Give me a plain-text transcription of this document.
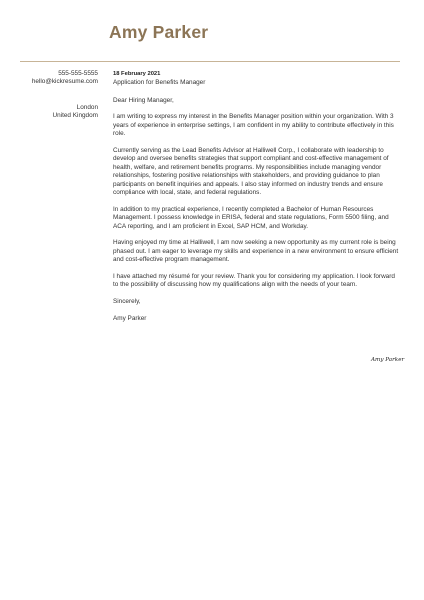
Amy Parker
555-555-5555
hello@kickresume.com
London
United Kingdom
18 February 2021
Application for Benefits Manager
Dear Hiring Manager,

I am writing to express my interest in the Benefits Manager position within your organization. With 3 years of experience in enterprise settings, I am confident in my ability to contribute effectively in this role.

Currently serving as the Lead Benefits Advisor at Halliwell Corp., I collaborate with leadership to develop and oversee benefits strategies that support compliant and cost-effective management of health, welfare, and retirement benefits programs. My responsibilities include managing vendor relationships, fostering positive relationships with stakeholders, and providing guidance to plan participants on benefit inquiries and appeals. I also stay informed on industry trends and ensure compliance with local, state, and federal regulations.

In addition to my practical experience, I recently completed a Bachelor of Human Resources Management. I possess knowledge in ERISA, federal and state regulations, Form 5500 filing, and ACA reporting, and I am proficient in Excel, SAP HCM, and Workday.

Having enjoyed my time at Halliwell, I am now seeking a new opportunity as my current role is being phased out. I am eager to leverage my skills and experience in a new environment to ensure efficient and cost-effective program management.

I have attached my résumé for your review. Thank you for considering my application. I look forward to the possibility of discussing how my qualifications align with the needs of your team.

Sincerely,
Amy Parker
Amy Parker
